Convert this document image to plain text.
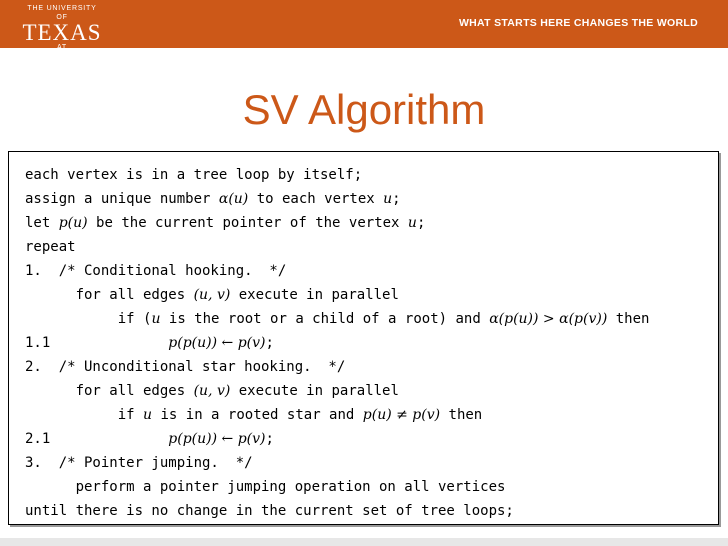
THE UNIVERSITY OF
TEXAS
AT AUSTIN
WHAT STARTS HERE CHANGES THE WORLD
SV Algorithm
each vertex is in a tree loop by itself;
assign a unique number α(u) to each vertex u;
let p(u) be the current pointer of the vertex u;
repeat
1.  /* Conditional hooking.  */
for all edges (u, v) execute in parallel
if (u is the root or a child of a root) and α(p(u)) > α(p(v)) then
1.1              p(p(u)) ← p(v);
2.  /* Unconditional star hooking.  */
for all edges (u, v) execute in parallel
if u is in a rooted star and p(u) ≠ p(v) then
2.1              p(p(u)) ← p(v);
3.  /* Pointer jumping.  */
perform a pointer jumping operation on all vertices
until there is no change in the current set of tree loops;
